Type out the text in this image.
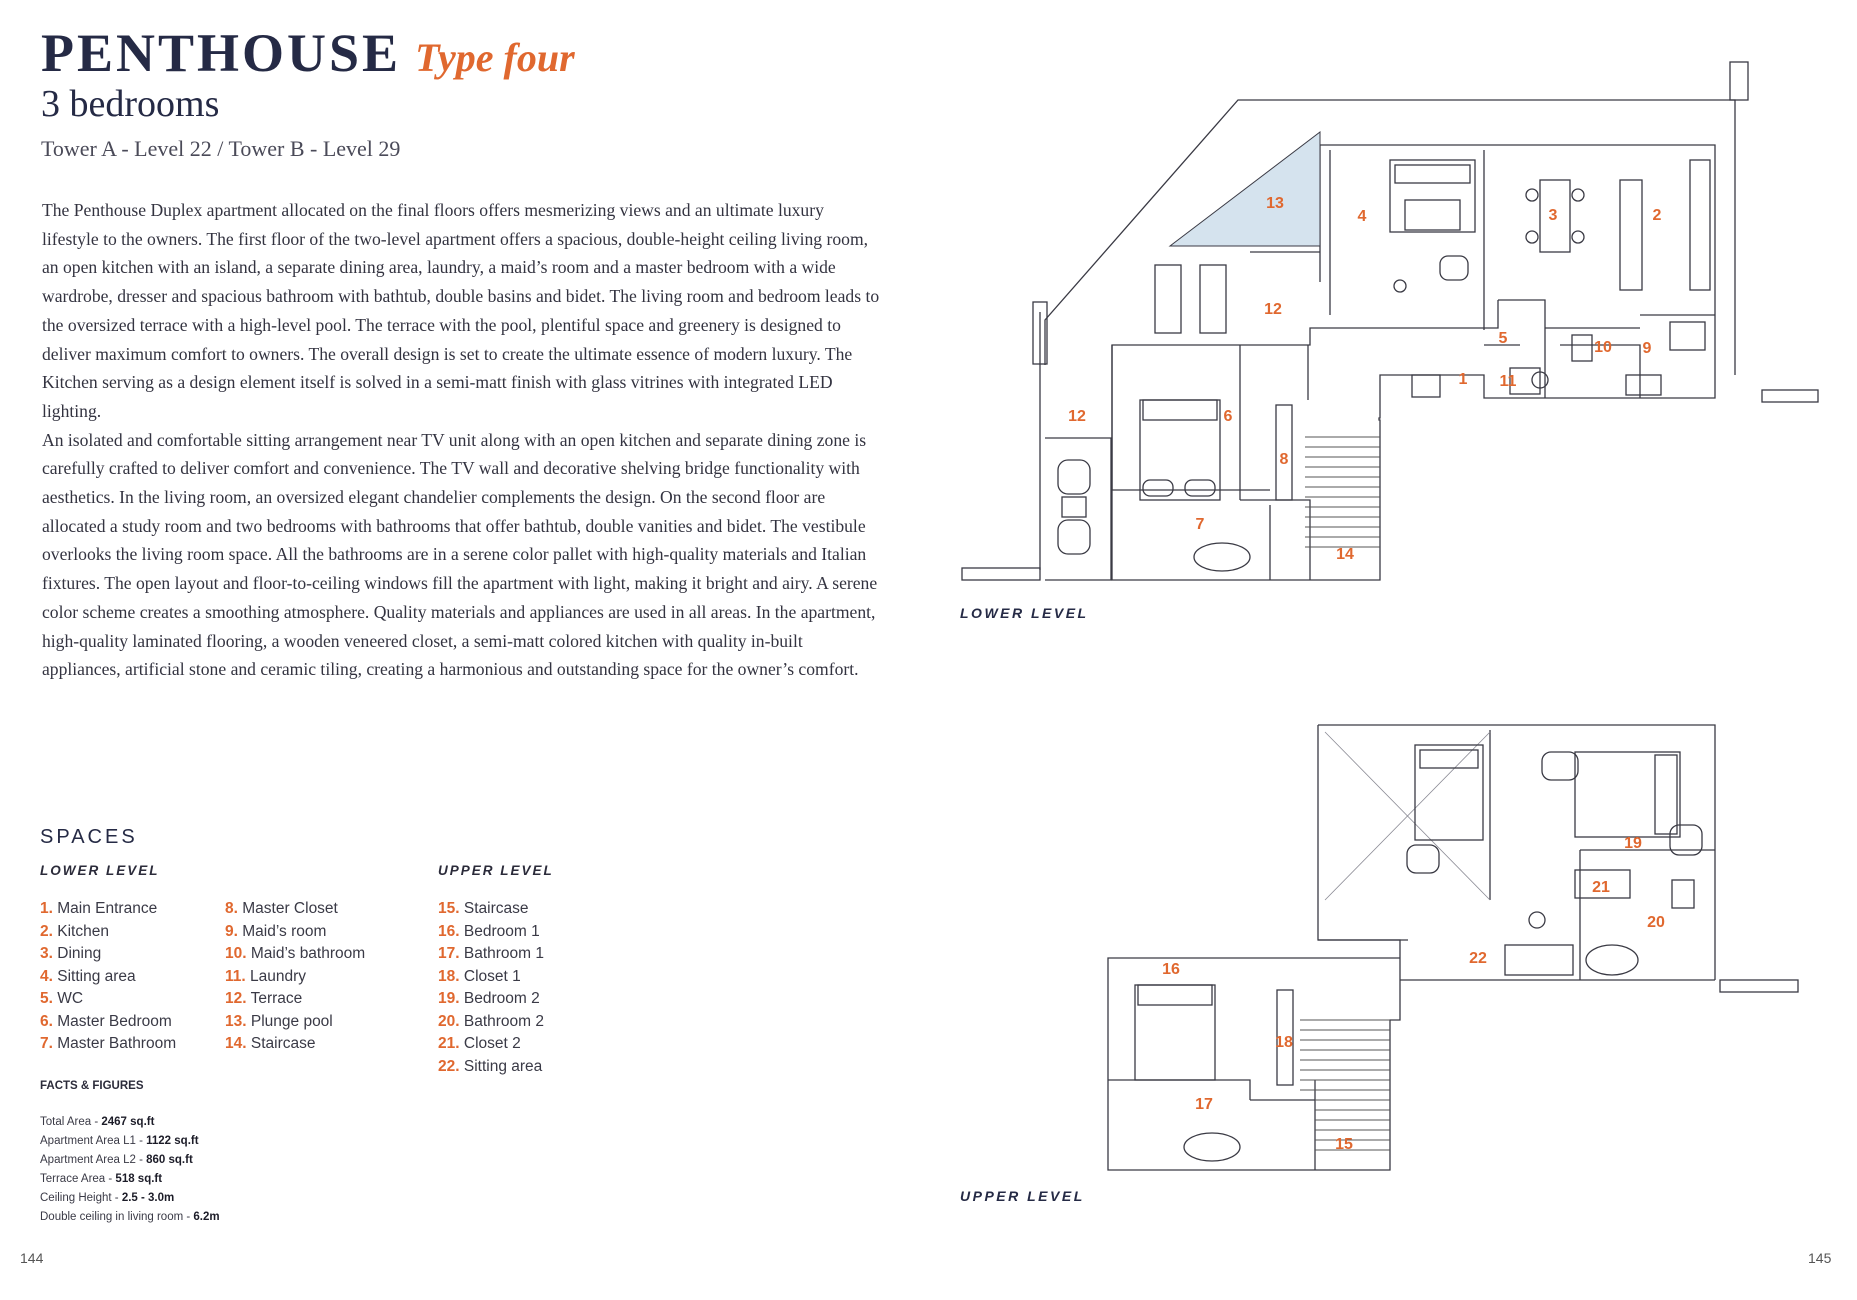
PENTHOUSE Type four
3 bedrooms
Tower A - Level 22 / Tower B - Level 29

The Penthouse Duplex apartment allocated on the final floors offers mesmerizing views and an ultimate luxury lifestyle to the owners. The first floor of the two-level apartment offers a spacious, double-height ceiling living room, an open kitchen with an island, a separate dining area, laundry, a maid’s room and a master bedroom with a wide wardrobe, dresser and spacious bathroom with bathtub, double basins and bidet. The living room and bedroom leads to the oversized terrace with a high-level pool. The terrace with the pool, plentiful space and greenery is designed to deliver maximum comfort to owners. The overall design is set to create the ultimate essence of modern luxury. The Kitchen serving as a design element itself is solved in a semi-matt finish with glass vitrines with integrated LED lighting.
An isolated and comfortable sitting arrangement near TV unit along with an open kitchen and separate dining zone is carefully crafted to deliver comfort and convenience. The TV wall and decorative shelving bridge functionality with aesthetics. In the living room, an oversized elegant chandelier complements the design. On the second floor are allocated a study room and two bedrooms with bathrooms that offer bathtub, double vanities and bidet. The vestibule overlooks the living room space. All the bathrooms are in a serene color pallet with high-quality materials and Italian fixtures. The open layout and floor-to-ceiling windows fill the apartment with light, making it bright and airy. A serene color scheme creates a smoothing atmosphere. Quality materials and appliances are used in all areas. In the apartment, high-quality laminated flooring, a wooden veneered closet, a semi-matt colored kitchen with quality in-built appliances, artificial stone and ceramic tiling, creating a harmonious and outstanding space for the owner’s comfort.

SPACES
LOWER LEVEL	UPPER LEVEL
1. Main Entrance
2. Kitchen
3. Dining
4. Sitting area
5. WC
6. Master Bedroom
7. Master Bathroom
8. Master Closet
9. Maid’s room
10. Maid’s bathroom
11. Laundry
12. Terrace
13. Plunge pool
14. Staircase
15. Staircase
16. Bedroom 1
17. Bathroom 1
18. Closet 1
19. Bedroom 2
20. Bathroom 2
21. Closet 2
22. Sitting area
FACTS & FIGURES
Total Area - 2467 sq.ft
Apartment Area L1 - 1122 sq.ft
Apartment Area L2 - 860 sq.ft
Terrace Area - 518 sq.ft
Ceiling Height - 2.5 - 3.0m
Double ceiling in living room - 6.2m
144	145
13
4	3	2
12
5
10 9
1 11
12	6
8
7
14
LOWER LEVEL
19
21
20
22
16
18
17
15
UPPER LEVEL
